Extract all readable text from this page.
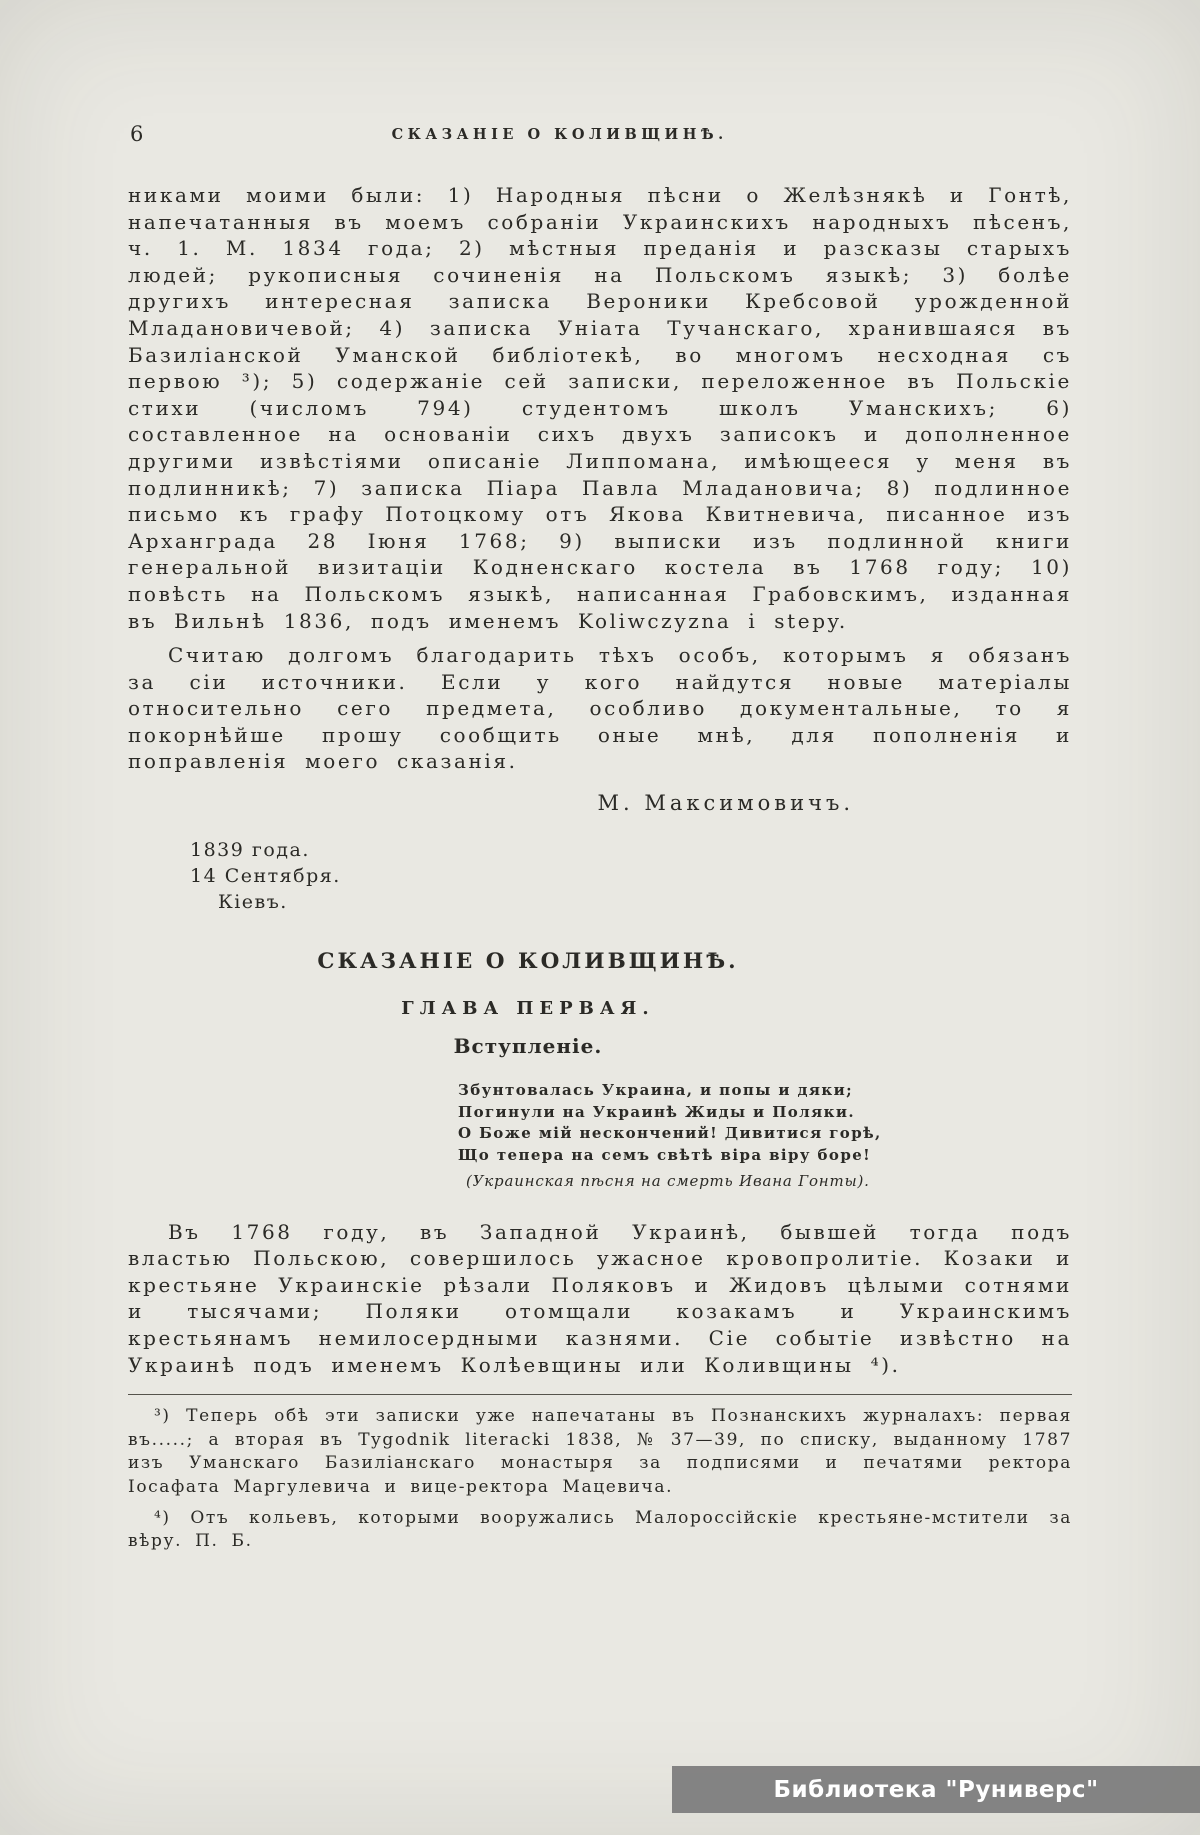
6	СКАЗАНІЕ О КОЛИВЩИНѢ.

никами моими были: 1) Народныя пѣсни о Желѣзнякѣ и Гонтѣ, напечатанныя въ моемъ собраніи Украинскихъ народныхъ пѣсенъ, ч. 1. М. 1834 года; 2) мѣстныя преданія и разсказы старыхъ людей; рукописныя сочиненія на Польскомъ языкѣ; 3) болѣе другихъ интересная записка Вероники Кребсовой урожденной Младановичевой; 4) записка Уніата Тучанскаго, хранившаяся въ Базиліанской Уманской библіотекѣ, во многомъ несходная съ первою ³); 5) содержаніе сей записки, переложенное въ Польскіе стихи (числомъ 794) студентомъ школъ Уманскихъ; 6) составленное на основаніи сихъ двухъ записокъ и дополненное другими извѣстіями описаніе Липпомана, имѣющееся у меня въ подлинникѣ; 7) записка Піара Павла Младановича; 8) подлинное письмо къ графу Потоцкому отъ Якова Квитневича, писанное изъ Арханграда 28 Іюня 1768; 9) выписки изъ подлинной книги генеральной визитаціи Кодненскаго костела въ 1768 году; 10) повѣсть на Польскомъ языкѣ, написанная Грабовскимъ, изданная въ Вильнѣ 1836, подъ именемъ Koliwczyzna i stepy.

Считаю долгомъ благодарить тѣхъ особъ, которымъ я обязанъ за сіи источники. Если у кого найдутся новые матеріалы относительно сего предмета, особливо документальные, то я покорнѣйше прошу сообщить оные мнѣ, для пополненія и поправленія моего сказанія.

М. Максимовичъ.
1839 года.
14 Сентября.
Кіевъ.
СКАЗАНІЕ О КОЛИВЩИНѢ.
ГЛАВА ПЕРВАЯ.
Вступленіе.
Збунтовалась Украина, и попы и дяки;
Погинули на Украинѣ Жиды и Поляки.
О Боже мій нескончений! Дивитися горѣ,
Що тепера на семъ свѣтѣ віра віру боре!
(Украинская пѣсня на смерть Ивана Гонты).

Въ 1768 году, въ Западной Украинѣ, бывшей тогда подъ властью Польскою, совершилось ужасное кровопролитіе. Козаки и крестьяне Украинскіе рѣзали Поляковъ и Жидовъ цѣлыми сотнями и тысячами; Поляки отомщали козакамъ и Украинскимъ крестьянамъ немилосердными казнями. Сіе событіе извѣстно на Украинѣ подъ именемъ Колѣевщины или Коливщины ⁴).

³) Теперь обѣ эти записки уже напечатаны въ Познанскихъ журналахъ: первая въ.....; а вторая въ Tygodnik literacki 1838, № 37—39, по списку, выданному 1787 изъ Уманскаго Базиліанскаго монастыря за подписями и печатями ректора Іосафата Маргулевича и вице-ректора Мацевича.

⁴) Отъ кольевъ, которыми вооружались Малороссійскіе крестьяне-мстители за вѣру. П. Б.

Библиотека "Руниверс"
